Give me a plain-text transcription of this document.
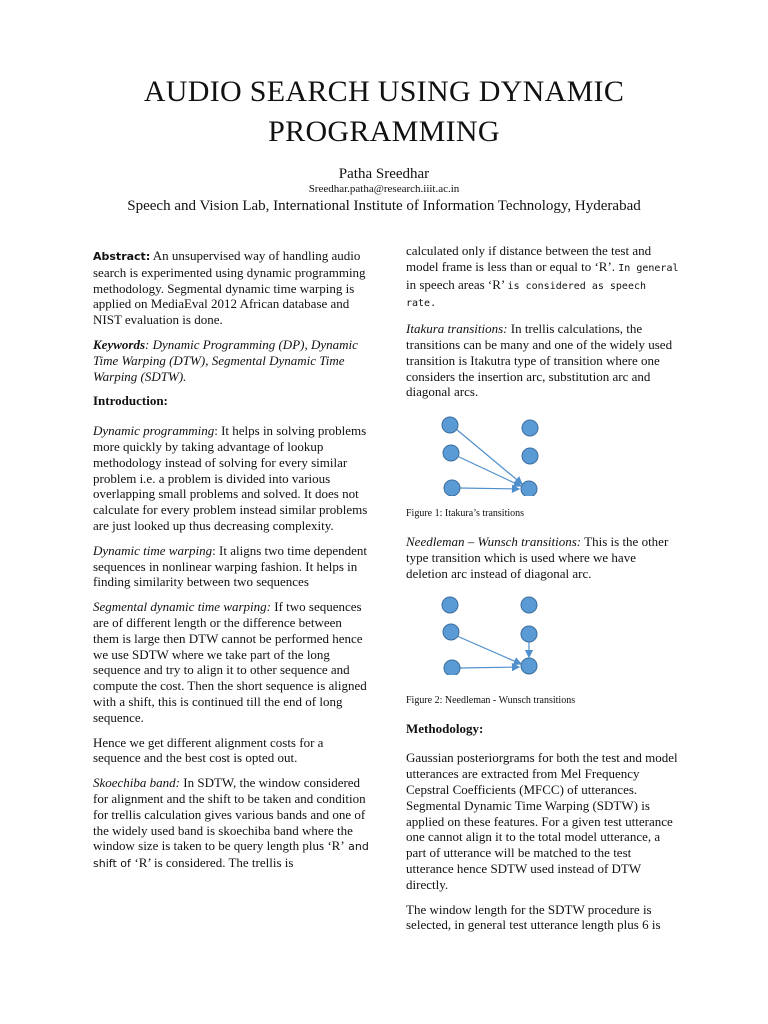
AUDIO SEARCH USING DYNAMIC
PROGRAMMING
Patha Sreedhar
Sreedhar.patha@research.iiit.ac.in
Speech and Vision Lab, International Institute of Information Technology, Hyderabad

Abstract: An unsupervised way of handling audio search is experimented using dynamic programming methodology. Segmental dynamic time warping is applied on MediaEval 2012 African database and NIST evaluation is done.

Keywords: Dynamic Programming (DP), Dynamic Time Warping (DTW), Segmental Dynamic Time Warping (SDTW).

Introduction:

Dynamic programming: It helps in solving problems more quickly by taking advantage of lookup methodology instead of solving for every similar problem i.e. a problem is divided into various overlapping small problems and solved. It does not calculate for every problem instead similar problems are just looked up thus decreasing complexity.

Dynamic time warping: It aligns two time dependent sequences in nonlinear warping fashion. It helps in finding similarity between two sequences

Segmental dynamic time warping: If two sequences are of different length or the difference between them is large then DTW cannot be performed hence we use SDTW where we take part of the long sequence and try to align it to other sequence and compute the cost. Then the short sequence is aligned with a shift, this is continued till the end of long sequence.

Hence we get different alignment costs for a sequence and the best cost is opted out.

Skoechiba band: In SDTW, the window considered for alignment and the shift to be taken and condition for trellis calculation gives various bands and one of the widely used band is skoechiba band where the window size is taken to be query length plus ‘R’ and shift of ‘R’ is considered. The trellis is

calculated only if distance between the test and model frame is less than or equal to ‘R’. In general in speech areas ‘R’ is considered as speech rate.

Itakura transitions: In trellis calculations, the transitions can be many and one of the widely used transition is Itakutra type of transition where one considers the insertion arc, substitution arc and diagonal arcs.

Figure 1: Itakura’s transitions

Needleman – Wunsch transitions: This is the other type transition which is used where we have deletion arc instead of diagonal arc.

Figure 2: Needleman - Wunsch transitions

Methodology:

Gaussian posteriorgrams for both the test and model utterances are extracted from Mel Frequency Cepstral Coefficients (MFCC) of utterances. Segmental Dynamic Time Warping (SDTW) is applied on these features. For a given test utterance one cannot align it to the total model utterance, a part of utterance will be matched to the test utterance hence SDTW used instead of DTW directly.

The window length for the SDTW procedure is selected, in general test utterance length plus 6 is
